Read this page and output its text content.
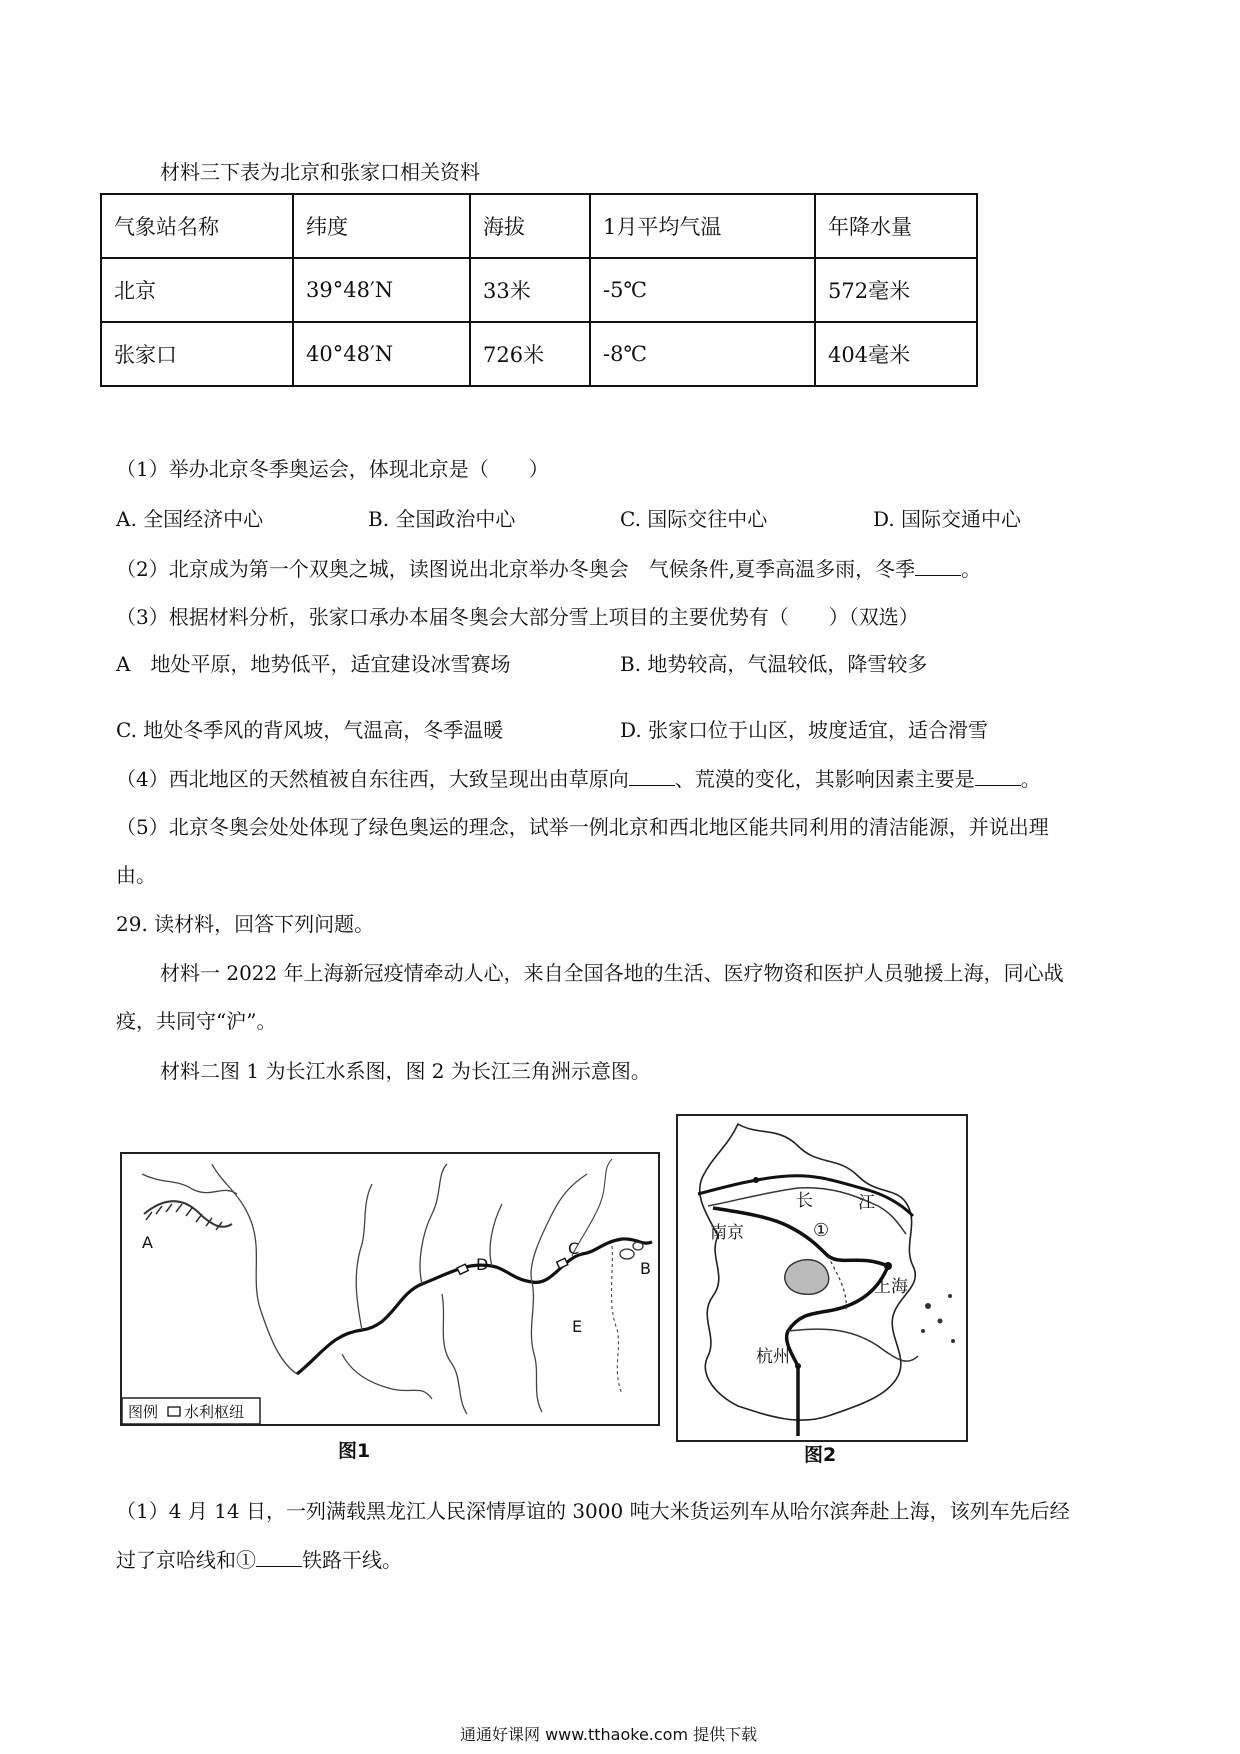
材料三下表为北京和张家口相关资料
气象站名称	纬度	海拔	1月平均气温	年降水量
北京	39°48′N	33米	-5℃	572毫米
张家口	40°48′N	726米	-8℃	404毫米
（1）举办北京冬季奥运会，体现北京是（　　）
A. 全国经济中心	B. 全国政治中心	C. 国际交往中心	D. 国际交通中心
（2）北京成为第一个双奥之城，读图说出北京举办冬奥会　气候条件,夏季高温多雨，冬季 。
（3）根据材料分析，张家口承办本届冬奥会大部分雪上项目的主要优势有（　　）（双选）
A　地处平原，地势低平，适宜建设冰雪赛场	B. 地势较高，气温较低，降雪较多
C. 地处冬季风的背风坡，气温高，冬季温暖	D. 张家口位于山区，坡度适宜，适合滑雪
（4）西北地区的天然植被自东往西，大致呈现出由草原向 、荒漠的变化，其影响因素主要是 。
（5）北京冬奥会处处体现了绿色奥运的理念，试举一例北京和西北地区能共同利用的清洁能源，并说出理
由。
29. 读材料，回答下列问题。
材料一 2022 年上海新冠疫情牵动人心，来自全国各地的生活、医疗物资和医护人员驰援上海，同心战
疫，共同守“沪”。
材料二图 1 为长江水系图，图 2 为长江三角洲示意图。
A
B
C
D
E
图例 水利枢纽
图1
南京
上海
杭州
长	江
①
图2
（1）4 月 14 日，一列满载黑龙江人民深情厚谊的 3000 吨大米货运列车从哈尔滨奔赴上海，该列车先后经
过了京哈线和① 铁路干线。
通通好课网 www.tthaoke.com 提供下载
